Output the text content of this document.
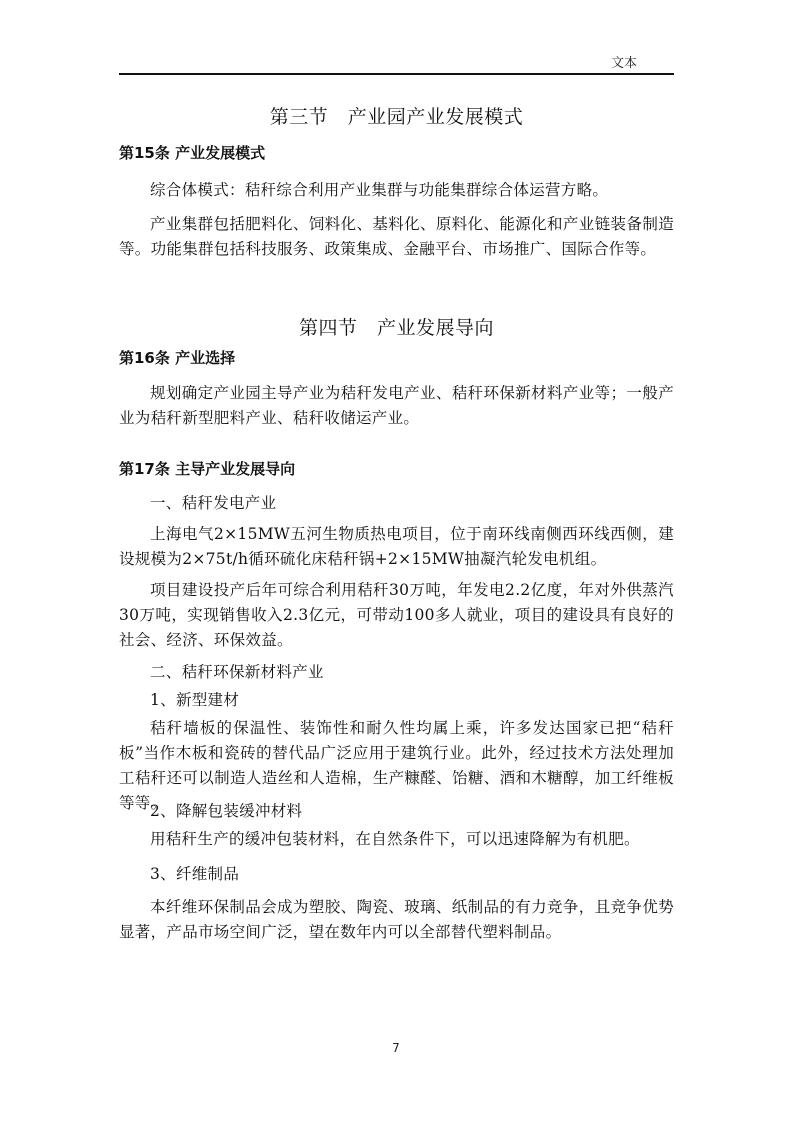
文本
第三节　产业园产业发展模式
第15条 产业发展模式

综合体模式：秸秆综合利用产业集群与功能集群综合体运营方略。

产业集群包括肥料化、饲料化、基料化、原料化、能源化和产业链装备制造等。功能集群包括科技服务、政策集成、金融平台、市场推广、国际合作等。

第四节　产业发展导向
第16条 产业选择

规划确定产业园主导产业为秸秆发电产业、秸秆环保新材料产业等；一般产业为秸秆新型肥料产业、秸秆收储运产业。

第17条 主导产业发展导向

一、秸秆发电产业

上海电气2×15MW五河生物质热电项目，位于南环线南侧西环线西侧，建设规模为2×75t/h循环硫化床秸秆锅+2×15MW抽凝汽轮发电机组。

项目建设投产后年可综合利用秸秆30万吨，年发电2.2亿度，年对外供蒸汽30万吨，实现销售收入2.3亿元，可带动100多人就业，项目的建设具有良好的社会、经济、环保效益。

二、秸秆环保新材料产业

1、新型建材

秸秆墙板的保温性、装饰性和耐久性均属上乘，许多发达国家已把“秸秆板”当作木板和瓷砖的替代品广泛应用于建筑行业。此外，经过技术方法处理加工秸秆还可以制造人造丝和人造棉，生产糠醛、饴糖、酒和木糖醇，加工纤维板等等。

2、降解包装缓冲材料

用秸秆生产的缓冲包装材料，在自然条件下，可以迅速降解为有机肥。

3、纤维制品

本纤维环保制品会成为塑胶、陶瓷、玻璃、纸制品的有力竞争，且竞争优势显著，产品市场空间广泛，望在数年内可以全部替代塑料制品。

7
